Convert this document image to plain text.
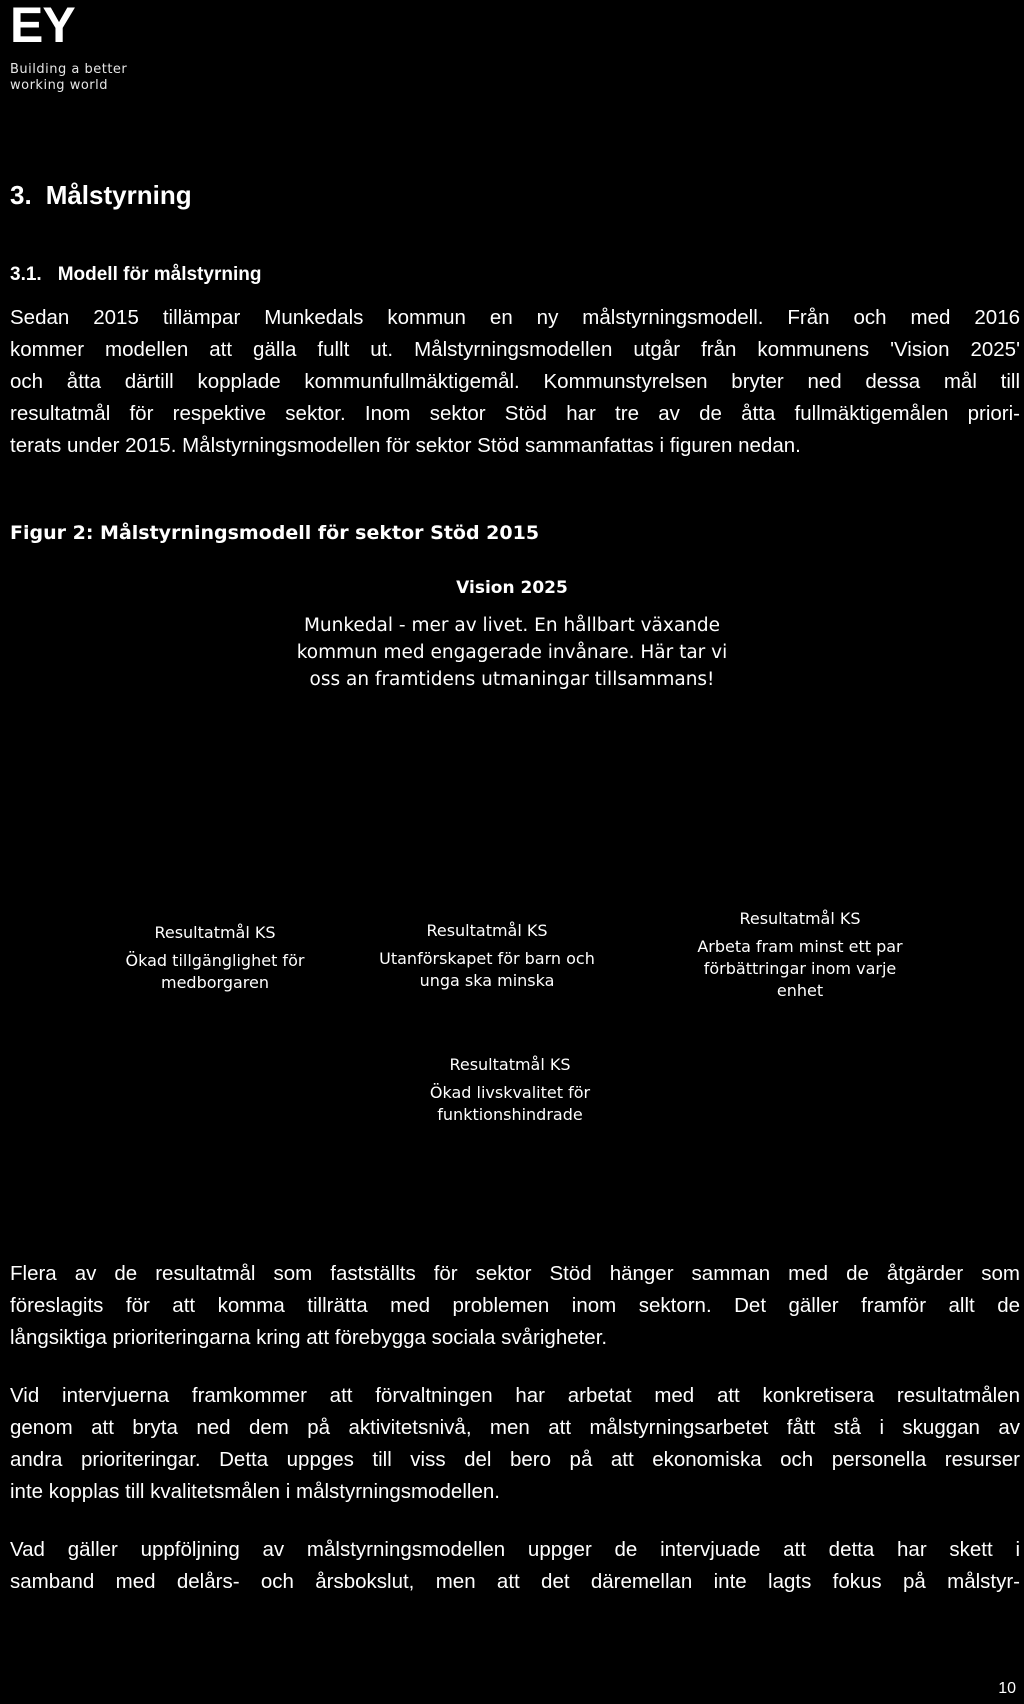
EY
Building a better
working world
3. Målstyrning
3.1. Modell för målstyrning
Sedan 2015 tillämpar Munkedals kommun en ny målstyrningsmodell. Från och med 2016
kommer modellen att gälla fullt ut. Målstyrningsmodellen utgår från kommunens 'Vision 2025'
och åtta därtill kopplade kommunfullmäktigemål. Kommunstyrelsen bryter ned dessa mål till
resultatmål för respektive sektor. Inom sektor Stöd har tre av de åtta fullmäktigemålen priori-
terats under 2015. Målstyrningsmodellen för sektor Stöd sammanfattas i figuren nedan.
Figur 2: Målstyrningsmodell för sektor Stöd 2015
Vision 2025
Munkedal - mer av livet. En hållbart växande kommun med engagerade invånare. Här tar vi oss an framtidens utmaningar tillsammans!
Resultatmål KS
Ökad tillgänglighet för medborgaren
Resultatmål KS
Utanförskapet för barn och unga ska minska
Resultatmål KS
Arbeta fram minst ett par förbättringar inom varje enhet
Resultatmål KS
Ökad livskvalitet för funktionshindrade
Flera av de resultatmål som fastställts för sektor Stöd hänger samman med de åtgärder som
föreslagits för att komma tillrätta med problemen inom sektorn. Det gäller framför allt de
långsiktiga prioriteringarna kring att förebygga sociala svårigheter.
Vid intervjuerna framkommer att förvaltningen har arbetat med att konkretisera resultatmålen
genom att bryta ned dem på aktivitetsnivå, men att målstyrningsarbetet fått stå i skuggan av
andra prioriteringar. Detta uppges till viss del bero på att ekonomiska och personella resurser
inte kopplas till kvalitetsmålen i målstyrningsmodellen.
Vad gäller uppföljning av målstyrningsmodellen uppger de intervjuade att detta har skett i
samband med delårs- och årsbokslut, men att det däremellan inte lagts fokus på målstyr-
10
